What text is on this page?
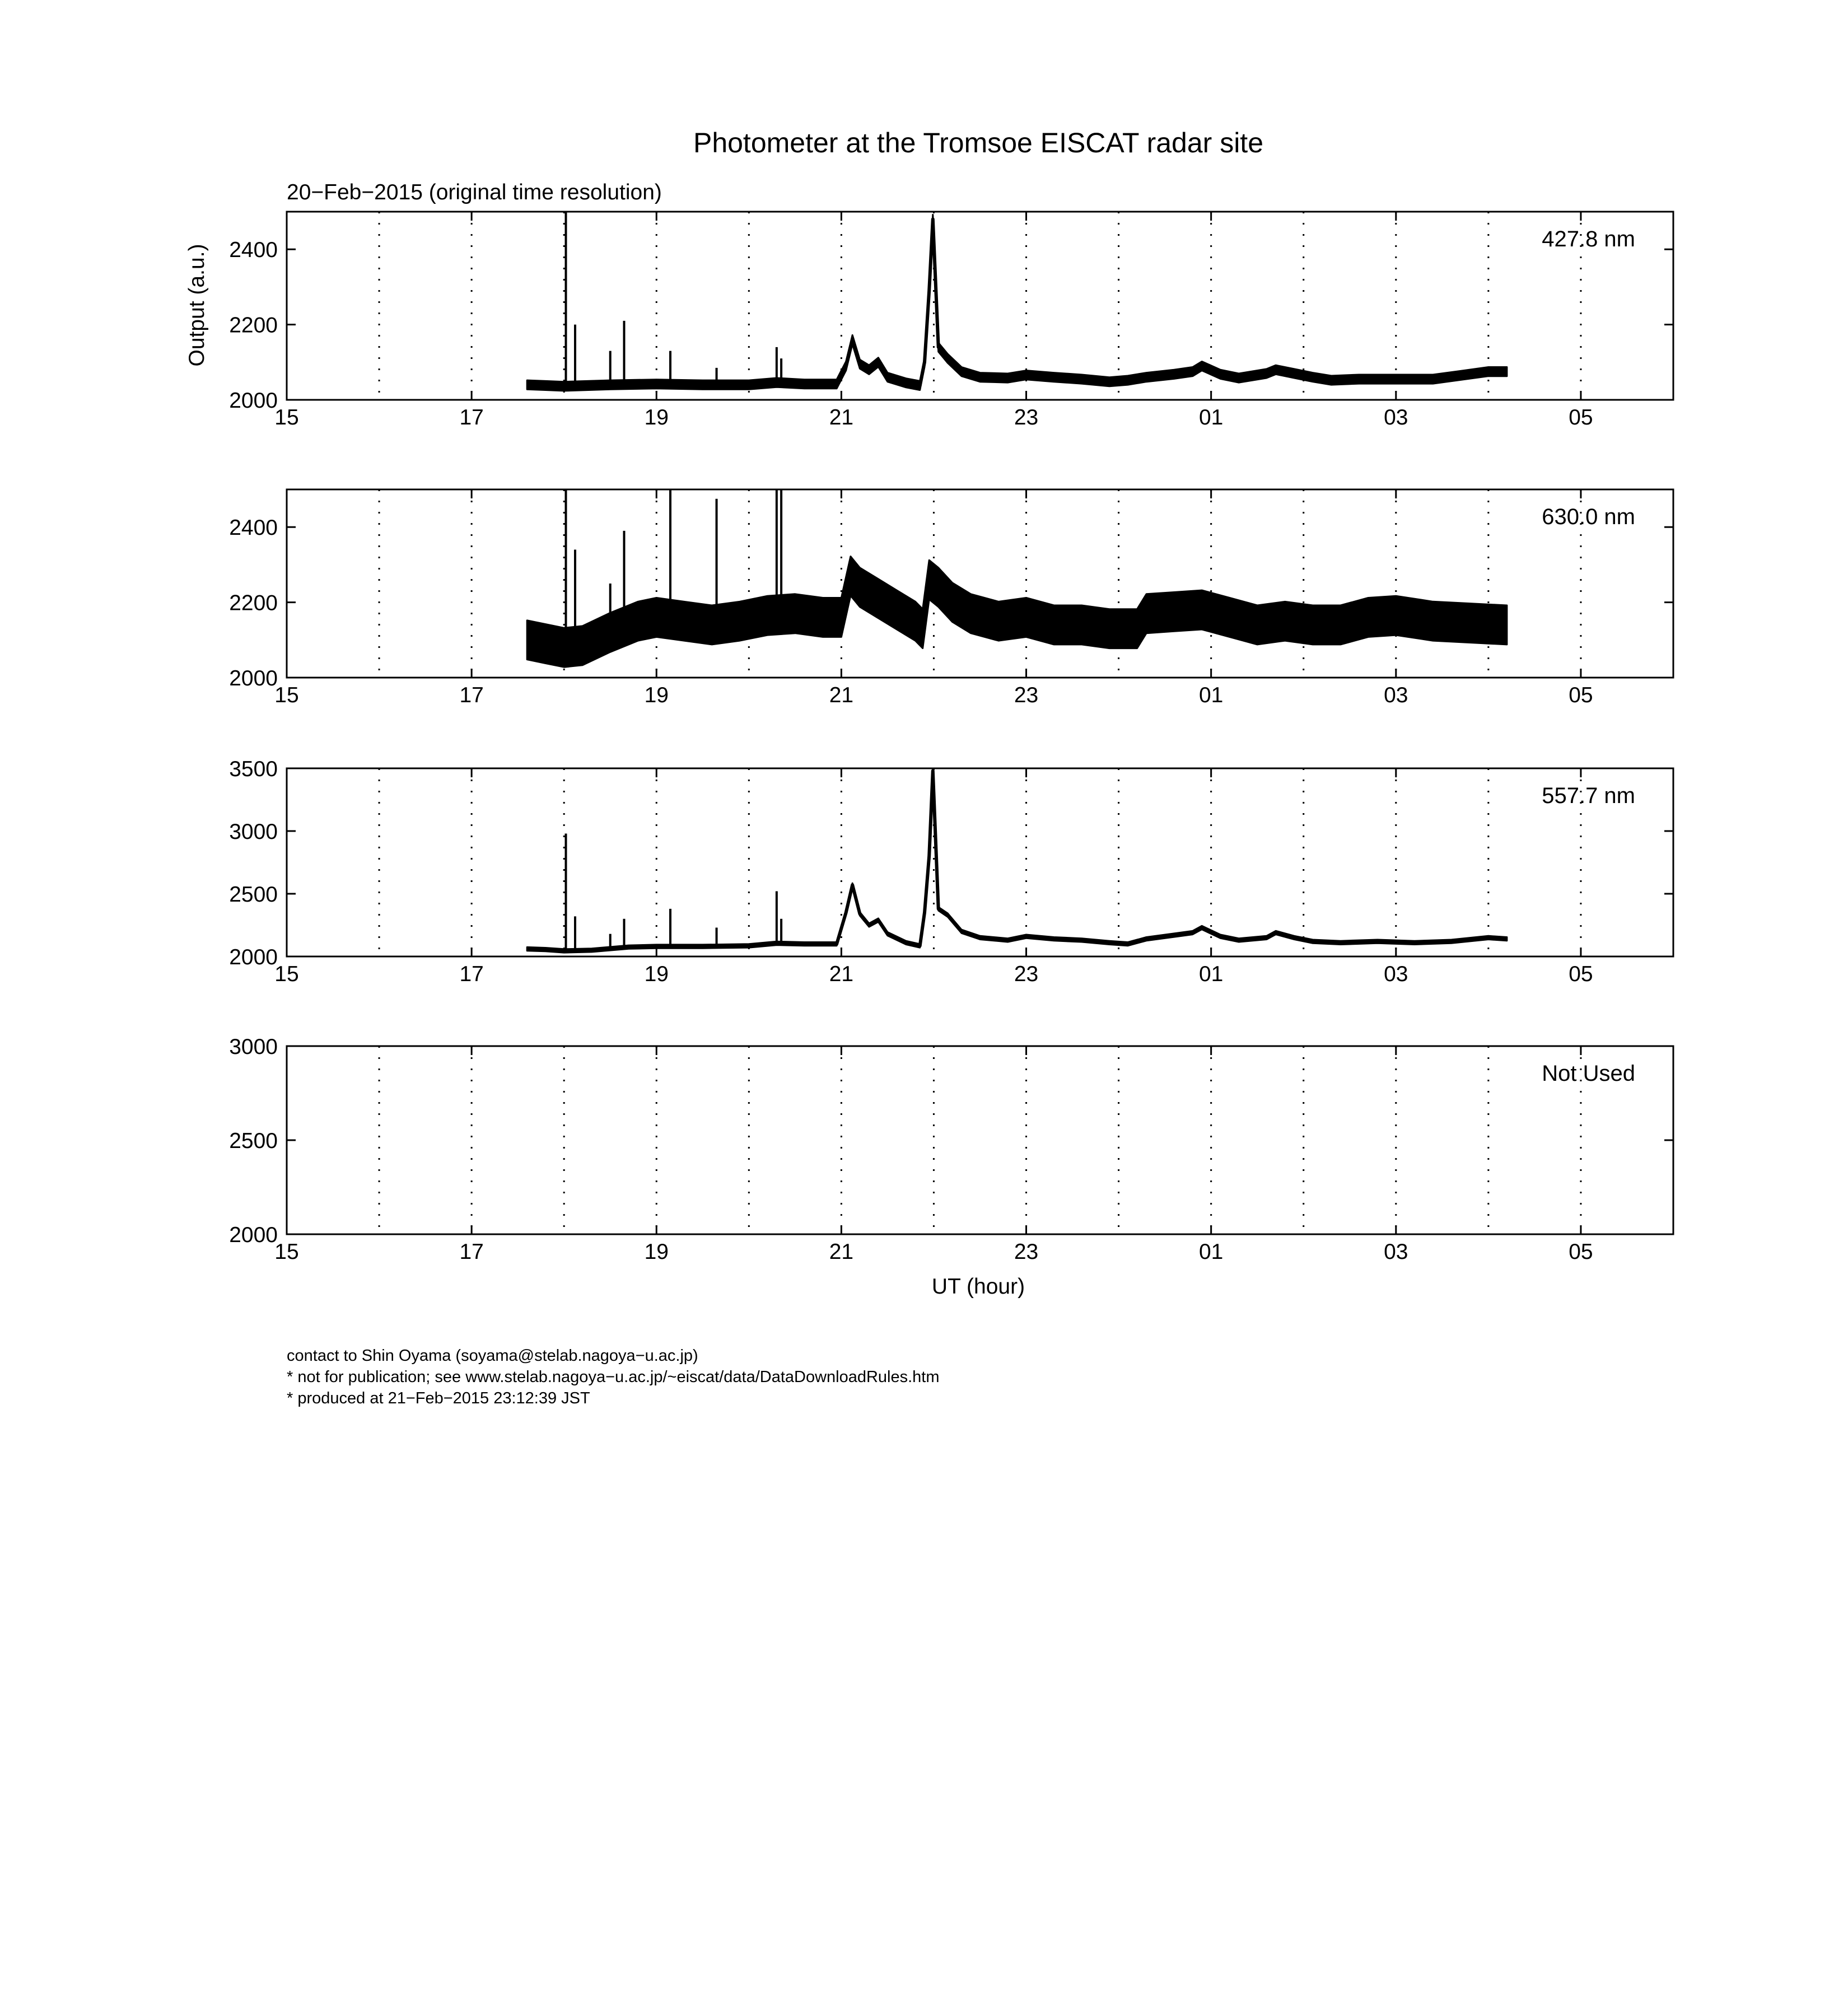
Photometer at the Tromsoe EISCAT radar site
20−Feb−2015 (original time resolution)
Output (a.u.)
UT (hour)
15	17	19	21	23	01	03	05
2000
2200
2400	427.8 nm
15	17	19	21	23	01	03	05
2000
2200
2400	630.0 nm
15	17	19	21	23	01	03	05
2000
2500
3000
3500
557.7 nm
15	17	19	21	23	01	03	05
2000
2500
3000
Not Used
contact to Shin Oyama (soyama@stelab.nagoya−u.ac.jp)
* not for publication; see www.stelab.nagoya−u.ac.jp/~eiscat/data/DataDownloadRules.htm
* produced at 21−Feb−2015 23:12:39 JST
